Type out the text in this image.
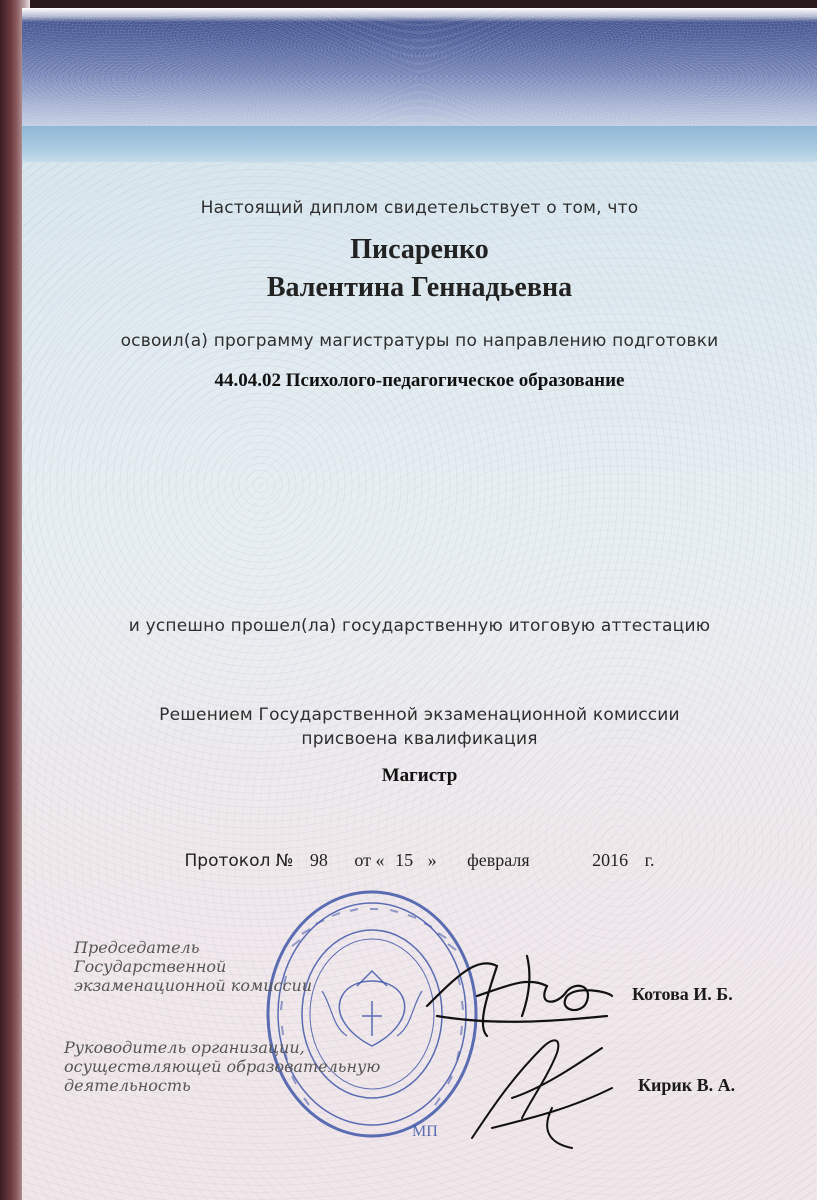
Настоящий диплом свидетельствует о том, что
Писаренко
Валентина Геннадьевна
освоил(а) программу магистратуры по направлению подготовки
44.04.02 Психолого-педагогическое образование
и успешно прошел(ла) государственную итоговую аттестацию
Решением Государственной экзаменационной комиссии
присвоена квалификация
Магистр
Протокол № 98 от « 15 » февраля	2016 г.
МП
Председатель
Государственной
экзаменационной комиссии	Котова И. Б.
Руководитель организации,
осуществляющей образовательную
деятельность	Кирик В. А.
